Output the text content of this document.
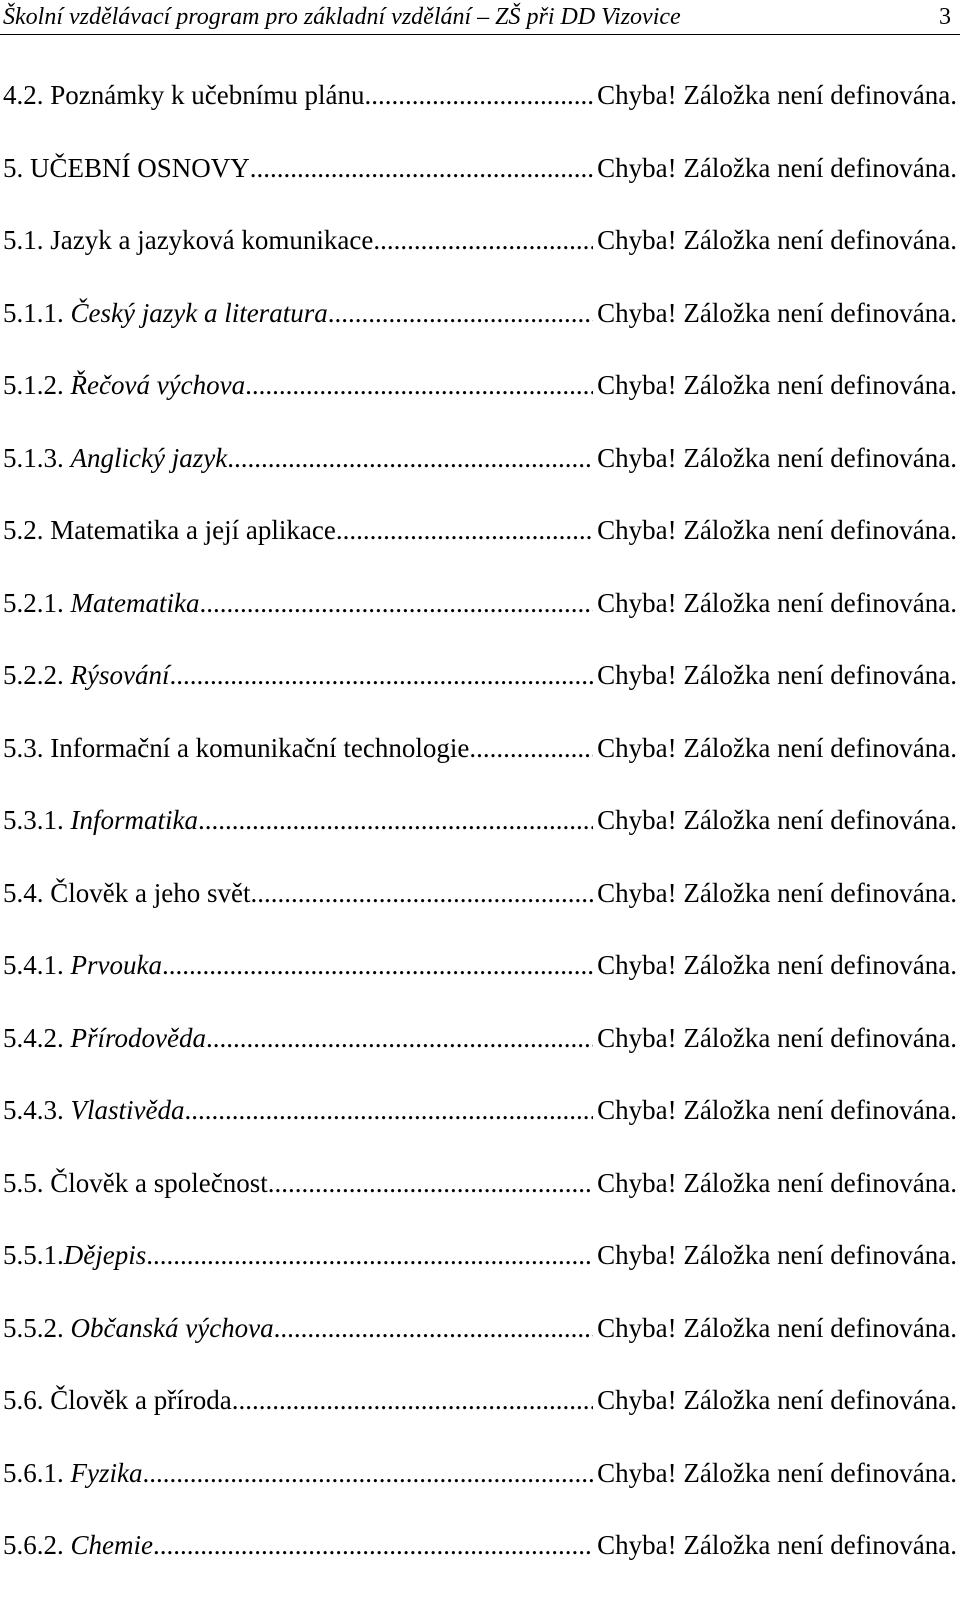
Školní vzdělávací program pro základní vzdělání – ZŠ při DD Vizovice	3
4.2. Poznámky k učebnímu plánu. .....	Chyba! Záložka není definována.
5. UČEBNÍ OSNOVY .....	Chyba! Záložka není definována.
5.1. Jazyk a jazyková komunikace .....	Chyba! Záložka není definována.
5.1.1. Český jazyk a literatura .....	Chyba! Záložka není definována.
5.1.2. Řečová výchova .....	Chyba! Záložka není definována.
5.1.3. Anglický jazyk .....	Chyba! Záložka není definována.
5.2. Matematika a její aplikace .....	Chyba! Záložka není definována.
5.2.1. Matematika .....	Chyba! Záložka není definována.
5.2.2. Rýsování .....	Chyba! Záložka není definována.
5.3. Informační a komunikační technologie .....	Chyba! Záložka není definována.
5.3.1. Informatika .....	Chyba! Záložka není definována.
5.4. Člověk a jeho svět .....	Chyba! Záložka není definována.
5.4.1. Prvouka .....	Chyba! Záložka není definována.
5.4.2. Přírodověda .....	Chyba! Záložka není definována.
5.4.3. Vlastivěda .....	Chyba! Záložka není definována.
5.5. Člověk a společnost .....	Chyba! Záložka není definována.
5.5.1. Dějepis .....	Chyba! Záložka není definována.
5.5.2. Občanská výchova .....	Chyba! Záložka není definována.
5.6. Člověk a příroda .....	Chyba! Záložka není definována.
5.6.1. Fyzika .....	Chyba! Záložka není definována.
5.6.2. Chemie .....	Chyba! Záložka není definována.
